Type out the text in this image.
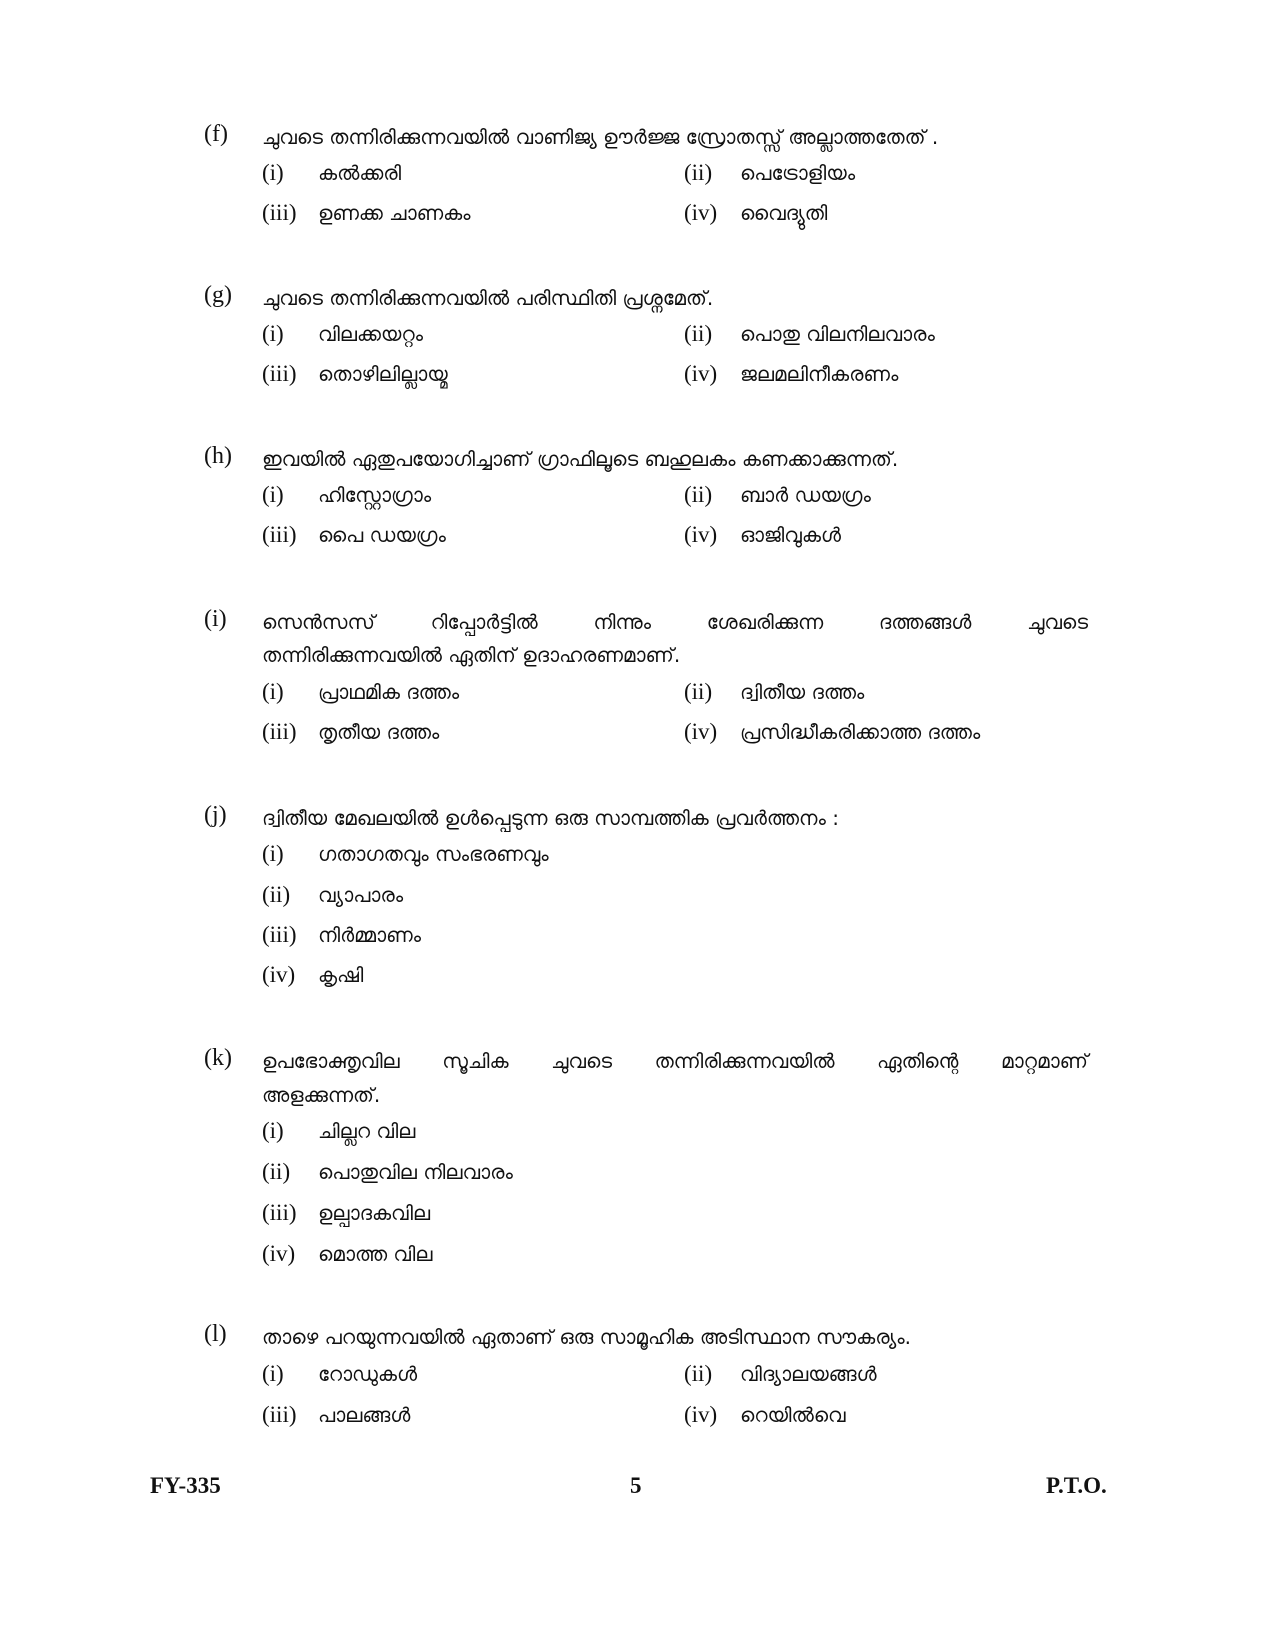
(f) ചുവടെ തന്നിരിക്കുന്നവയിൽ വാണിജ്യ ഊർജ്ജ സ്രോതസ്സ് അല്ലാത്തതേത് .
(i) കൽക്കരി	(ii) പെട്രോളിയം
(iii) ഉണക്ക ചാണകം	(iv) വൈദ്യുതി
(g) ചുവടെ തന്നിരിക്കുന്നവയിൽ പരിസ്ഥിതി പ്രശ്നമേത്.
(i) വിലക്കയറ്റം	(ii) പൊതു വിലനിലവാരം
(iii) തൊഴിലില്ലായ്മ	(iv) ജലമലിനീകരണം
(h) ഇവയിൽ ഏതുപയോഗിച്ചാണ് ഗ്രാഫിലൂടെ ബഹുലകം കണക്കാക്കുന്നത്.
(i) ഹിസ്റ്റോഗ്രാം	(ii) ബാർ ഡയഗ്രം
(iii) പൈ ഡയഗ്രം	(iv) ഓജിവുകൾ
(i) സെൻസസ് റിപ്പോർട്ടിൽ നിന്നും ശേഖരിക്കുന്ന ദത്തങ്ങൾ ചുവടെ
തന്നിരിക്കുന്നവയിൽ ഏതിന് ഉദാഹരണമാണ്.
(i) പ്രാഥമിക ദത്തം	(ii) ദ്വിതീയ ദത്തം
(iii) തൃതീയ ദത്തം	(iv) പ്രസിദ്ധീകരിക്കാത്ത ദത്തം
(j) ദ്വിതീയ മേഖലയിൽ ഉൾപ്പെടുന്ന ഒരു സാമ്പത്തിക പ്രവർത്തനം :
(i) ഗതാഗതവും സംഭരണവും
(ii) വ്യാപാരം
(iii) നിർമ്മാണം
(iv) കൃഷി
(k) ഉപഭോക്തൃവില സൂചിക ചുവടെ തന്നിരിക്കുന്നവയിൽ ഏതിന്റെ മാറ്റമാണ്
അളക്കുന്നത്.
(i) ചില്ലറ വില
(ii) പൊതുവില നിലവാരം
(iii) ഉല്പാദകവില
(iv) മൊത്ത വില
(l) താഴെ പറയുന്നവയിൽ ഏതാണ് ഒരു സാമൂഹിക അടിസ്ഥാന സൗകര്യം.
(i) റോഡുകൾ	(ii) വിദ്യാലയങ്ങൾ
(iii) പാലങ്ങൾ	(iv) റെയിൽവെ
FY-335	5	P.T.O.
